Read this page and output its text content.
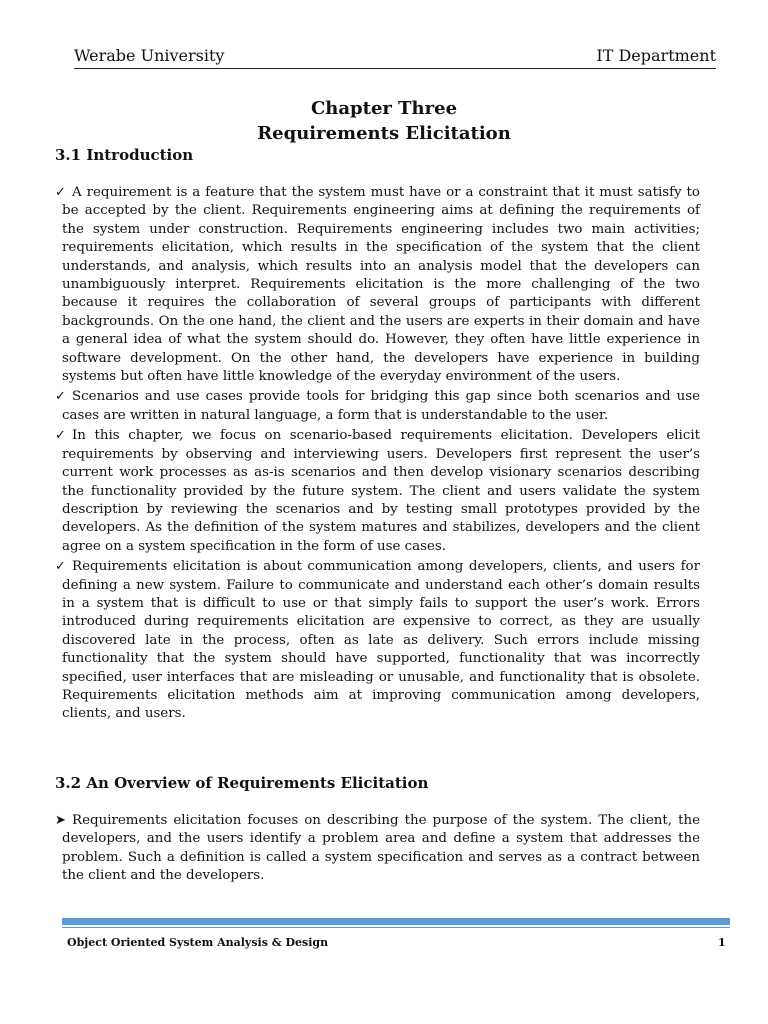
Werabe University	IT Department
Chapter Three
Requirements Elicitation
3.1 Introduction

✓ A requirement is a feature that the system must have or a constraint that it must satisfy to be accepted by the client. Requirements engineering aims at defining the requirements of the system under construction. Requirements engineering includes two main activities; requirements elicitation, which results in the specification of the system that the client understands, and analysis, which results into an analysis model that the developers can unambiguously interpret. Requirements elicitation is the more challenging of the two because it requires the collaboration of several groups of participants with different backgrounds. On the one hand, the client and the users are experts in their domain and have a general idea of what the system should do. However, they often have little experience in software development. On the other hand, the developers have experience in building systems but often have little knowledge of the everyday environment of the users.

✓ Scenarios and use cases provide tools for bridging this gap since both scenarios and use cases are written in natural language, a form that is understandable to the user.

✓ In this chapter, we focus on scenario-based requirements elicitation. Developers elicit requirements by observing and interviewing users. Developers first represent the user’s current work processes as as-is scenarios and then develop visionary scenarios describing the functionality provided by the future system. The client and users validate the system description by reviewing the scenarios and by testing small prototypes provided by the developers. As the definition of the system matures and stabilizes, developers and the client agree on a system specification in the form of use cases.

✓ Requirements elicitation is about communication among developers, clients, and users for defining a new system. Failure to communicate and understand each other’s domain results in a system that is difficult to use or that simply fails to support the user’s work. Errors introduced during requirements elicitation are expensive to correct, as they are usually discovered late in the process, often as late as delivery. Such errors include missing functionality that the system should have supported, functionality that was incorrectly specified, user interfaces that are misleading or unusable, and functionality that is obsolete. Requirements elicitation methods aim at improving communication among developers, clients, and users.

3.2 An Overview of Requirements Elicitation

➤ Requirements elicitation focuses on describing the purpose of the system. The client, the developers, and the users identify a problem area and define a system that addresses the problem. Such a definition is called a system specification and serves as a contract between the client and the developers.

Object Oriented System Analysis & Design	1
